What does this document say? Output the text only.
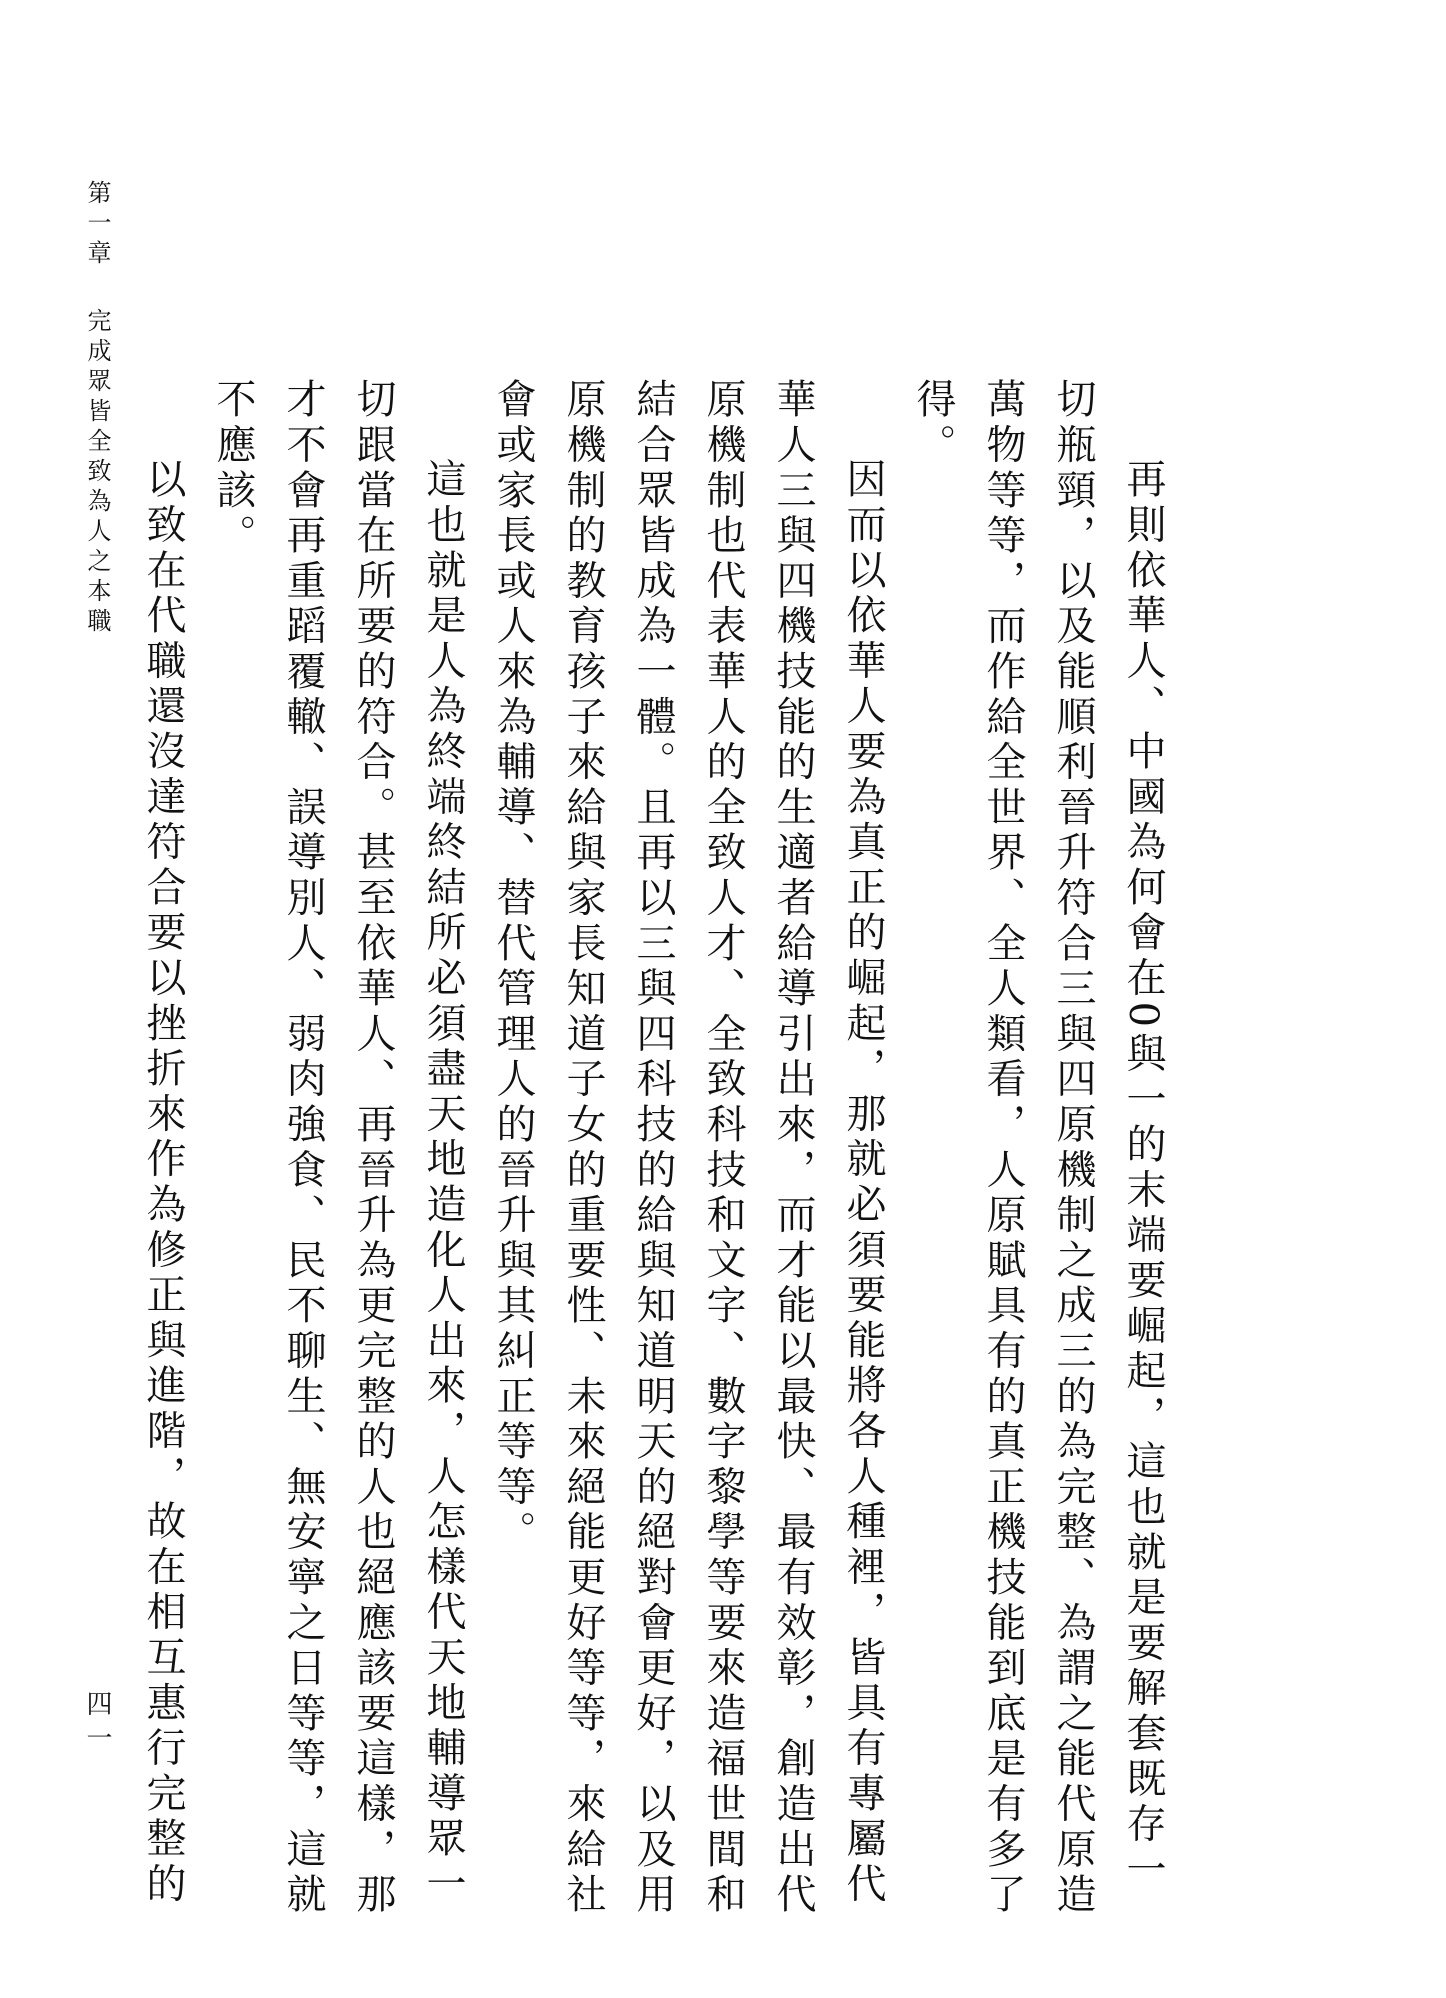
第一章完成眾皆全致為人之本職
四一	再則依華人、中國為何會在0與一的末端要崛起，這也就是要解套既存一切瓶頸，以及能順利晉升符合三與四原機制之成三的為完整、為謂之能代原造萬物等等，而作給全世界、全人類看，人原賦具有的真正機技能到底是有多了得。

因而以依華人要為真正的崛起，那就必須要能將各人種裡，皆具有專屬代華人三與四機技能的生適者給導引出來，而才能以最快、最有效彰，創造出代原機制也代表華人的全致人才、全致科技和文字、數字黎學等要來造福世間和結合眾皆成為一體。且再以三與四科技的給與知道明天的絕對會更好，以及用原機制的教育孩子來給與家長知道子女的重要性、未來絕能更好等等，來給社會或家長或人來為輔導、替代管理人的晉升與其糾正等等。

這也就是人為終端終結所必須盡天地造化人出來，人怎樣代天地輔導眾一切跟當在所要的符合。甚至依華人、再晉升為更完整的人也絕應該要這樣，那才不會再重蹈覆轍、誤導別人、弱肉強食、民不聊生、無安寧之日等等，這就不應該。

以致在代職還沒達符合要以挫折來作為修正與進階，故在相互惠行完整的
